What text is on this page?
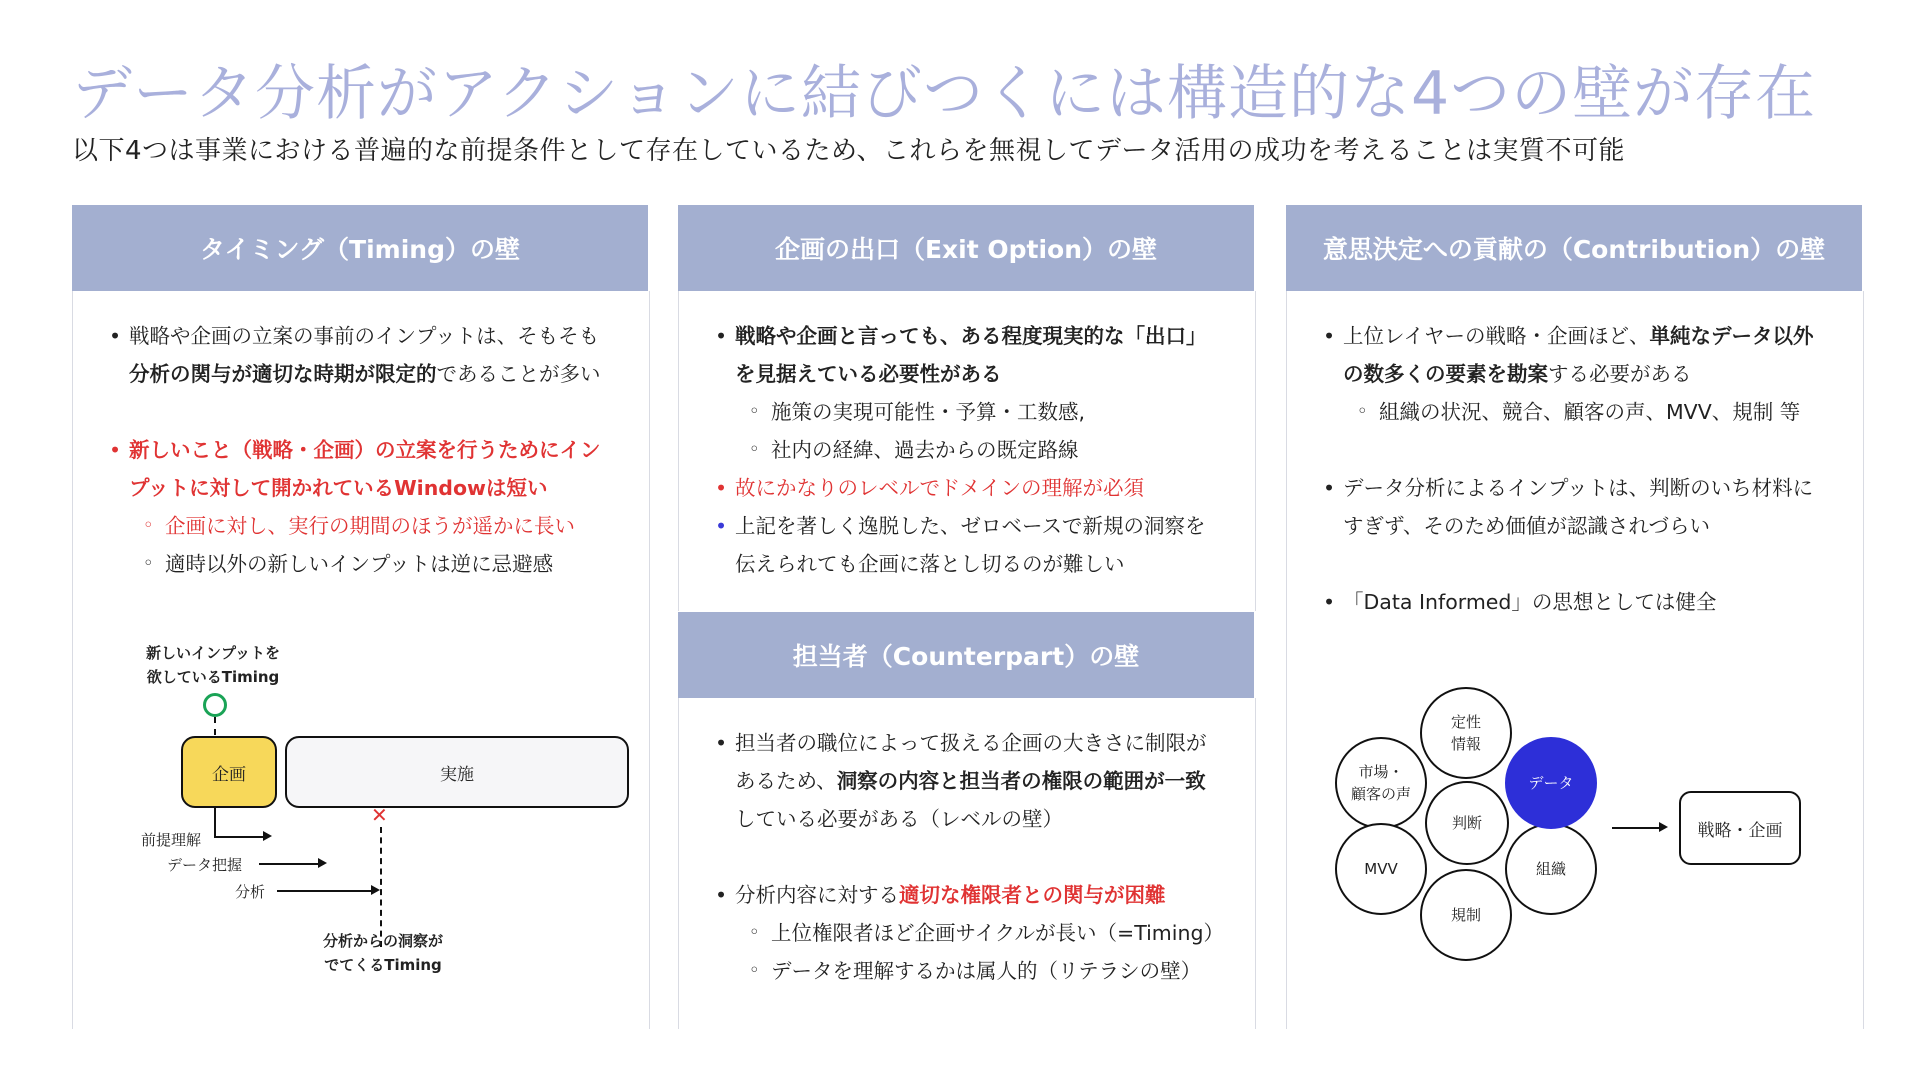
データ分析がアクションに結びつくには構造的な4つの壁が存在

以下4つは事業における普遍的な前提条件として存在しているため、これらを無視してデータ活用の成功を考えることは実質不可能

タイミング（Timing）の壁
• 戦略や企画の立案の事前のインプットは、そもそも
分析の関与が適切な時期が限定的であることが多い
• 新しいこと（戦略・企画）の立案を行うためにイン
プットに対して開かれているWindowは短い
◦ 企画に対し、実行の期間のほうが遥かに長い
◦ 適時以外の新しいインプットは逆に忌避感
新しいインプットを
欲しているTiming
企画	実施
✕
前提理解
データ把握
分析
分析からの洞察が
でてくるTiming
企画の出口（Exit Option）の壁
• 戦略や企画と言っても、ある程度現実的な「出口」
を見据えている必要性がある
◦ 施策の実現可能性・予算・工数感,
◦ 社内の経緯、過去からの既定路線
• 故にかなりのレベルでドメインの理解が必須
• 上記を著しく逸脱した、ゼロベースで新規の洞察を
伝えられても企画に落とし切るのが難しい
担当者（Counterpart）の壁
• 担当者の職位によって扱える企画の大きさに制限が
あるため、洞察の内容と担当者の権限の範囲が一致
している必要がある（レベルの壁）
• 分析内容に対する適切な権限者との関与が困難
◦ 上位権限者ほど企画サイクルが長い（=Timing）
◦ データを理解するかは属人的（リテラシの壁）
意思決定への貢献の（Contribution）の壁
• 上位レイヤーの戦略・企画ほど、単純なデータ以外
の数多くの要素を勘案する必要がある
◦ 組織の状況、競合、顧客の声、MVV、規制 等
• データ分析によるインプットは、判断のいち材料に
すぎず、そのため価値が認識されづらい
• 「Data Informed」の思想としては健全
定性
情報
市場・
顧客の声
MVV
規制
組織
データ
判断	戦略・企画
